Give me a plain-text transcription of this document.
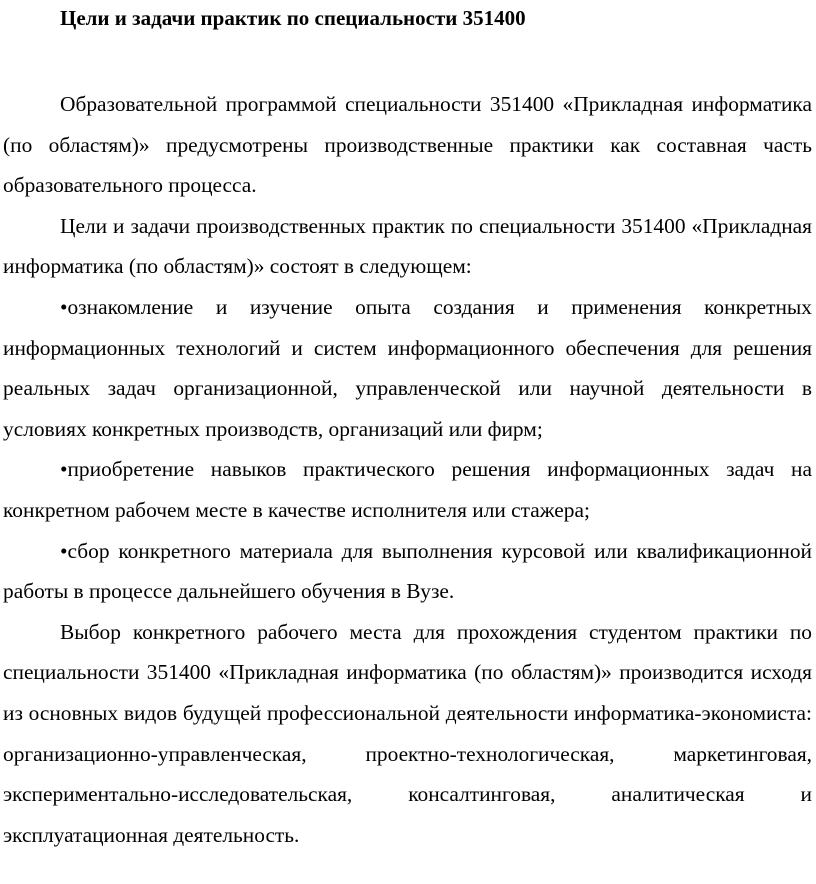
Цели и задачи практик по специальности 351400

Образовательной программой специальности 351400 «Прикладная информатика (по областям)» предусмотрены производственные практики как составная часть образовательного процесса.

Цели и задачи производственных практик по специальности 351400 «Прикладная информатика (по областям)» состоят в следующем:

•ознакомление и изучение опыта создания и применения конкретных информационных технологий и систем информационного обеспечения для решения реальных задач организационной, управленческой или научной деятельности в условиях конкретных производств, организаций или фирм;

•приобретение навыков практического решения информационных задач на конкретном рабочем месте в качестве исполнителя или стажера;

•сбор конкретного материала для выполнения курсовой или квалификационной работы в процессе дальнейшего обучения в Вузе.

Выбор конкретного рабочего места для прохождения студентом практики по специальности 351400 «Прикладная информатика (по областям)» производится исходя из основных видов будущей профессиональной деятельности информатика-экономиста: организационно-управленческая, проектно-технологическая, маркетинговая, экспериментально-исследовательская, консалтинговая, аналитическая и эксплуатационная деятельность.
